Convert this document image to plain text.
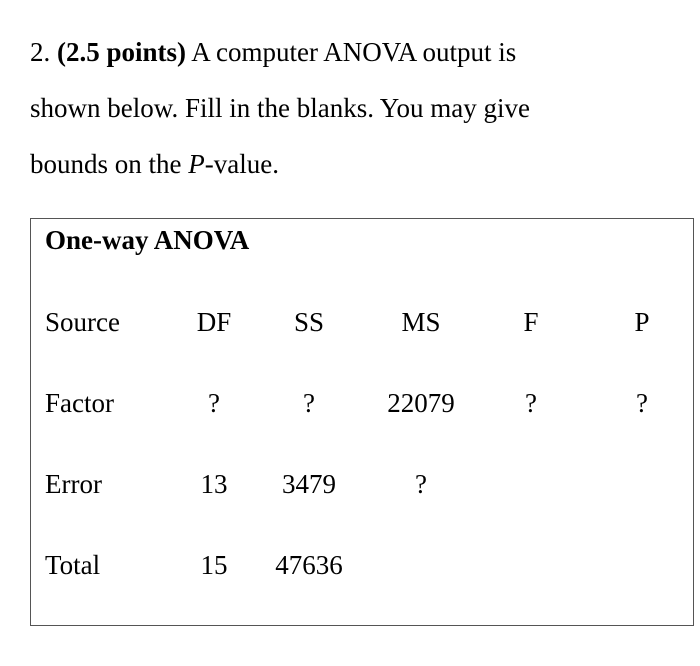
2. (2.5 points) A computer ANOVA output is
shown below. Fill in the blanks. You may give
bounds on the P-value.
One-way ANOVA
Source	DF SS	MS	F	P
Factor	?	?	22079	?	?
Error	13 3479	?
Total	15 47636
